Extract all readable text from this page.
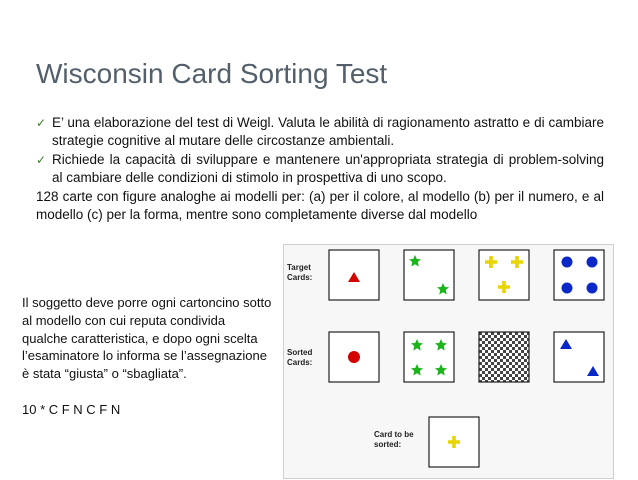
Wisconsin Card Sorting Test
✓ E’ una elaborazione del test di Weigl. Valuta le abilità di ragionamento astratto e di cambiare strategie cognitive al mutare delle circostanze ambientali.
✓ Richiede la capacità di sviluppare e mantenere un'appropriata strategia di problem-solving al cambiare delle condizioni di stimolo in prospettiva di uno scopo.
128 carte con figure analoghe ai modelli per: (a) per il colore, al modello (b) per il numero, e al modello (c) per la forma, mentre sono completamente diverse dal modello

Il soggetto deve porre ogni cartoncino sotto al modello con cui reputa condivida qualche caratteristica, e dopo ogni scelta l’esaminatore lo informa se l’assegnazione è stata “giusta” o “sbagliata”.

10 * C F N C F N

Target
Cards:
Sorted
Cards:
Card to be
sorted:
